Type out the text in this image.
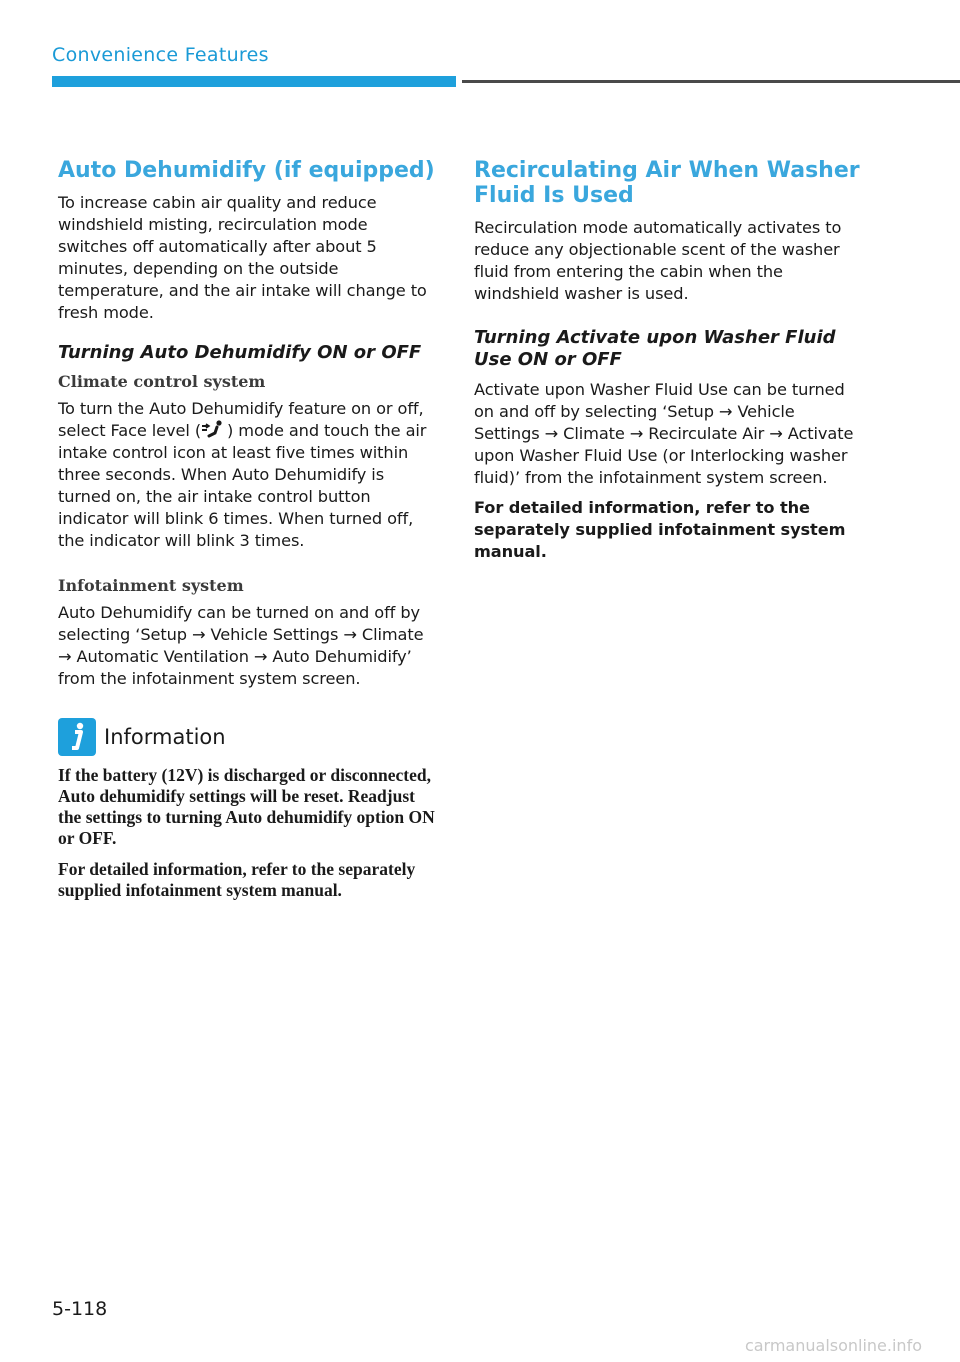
Convenience Features
Auto Dehumidify (if equipped)

To increase cabin air quality and reduce windshield misting, recirculation mode switches off automatically after about 5 minutes, depending on the outside temperature, and the air intake will change to fresh mode.

Turning Auto Dehumidify ON or OFF
Climate control system

To turn the Auto Dehumidify feature on or off, select Face level ( ) mode and touch the air intake control icon at least five times within three seconds. When Auto Dehumidify is turned on, the air intake control button indicator will blink 6 times. When turned off, the indicator will blink 3 times.

Infotainment system

Auto Dehumidify can be turned on and off by selecting ‘Setup → Vehicle Settings → Climate → Automatic Ventilation → Auto Dehumidify’ from the infotainment system screen.

Information

If the battery (12V) is discharged or disconnected, Auto dehumidify settings will be reset. Readjust the settings to turning Auto dehumidify option ON or OFF.

For detailed information, refer to the separately supplied infotainment system manual.

Recirculating Air When Washer Fluid Is Used

Recirculation mode automatically activates to reduce any objectionable scent of the washer fluid from entering the cabin when the windshield washer is used.

Turning Activate upon Washer Fluid Use ON or OFF

Activate upon Washer Fluid Use can be turned on and off by selecting ‘Setup → Vehicle Settings → Climate → Recirculate Air → Activate upon Washer Fluid Use (or Interlocking washer fluid)’ from the infotainment system screen.

For detailed information, refer to the separately supplied infotainment system manual.

5-118
carmanualsonline.info
